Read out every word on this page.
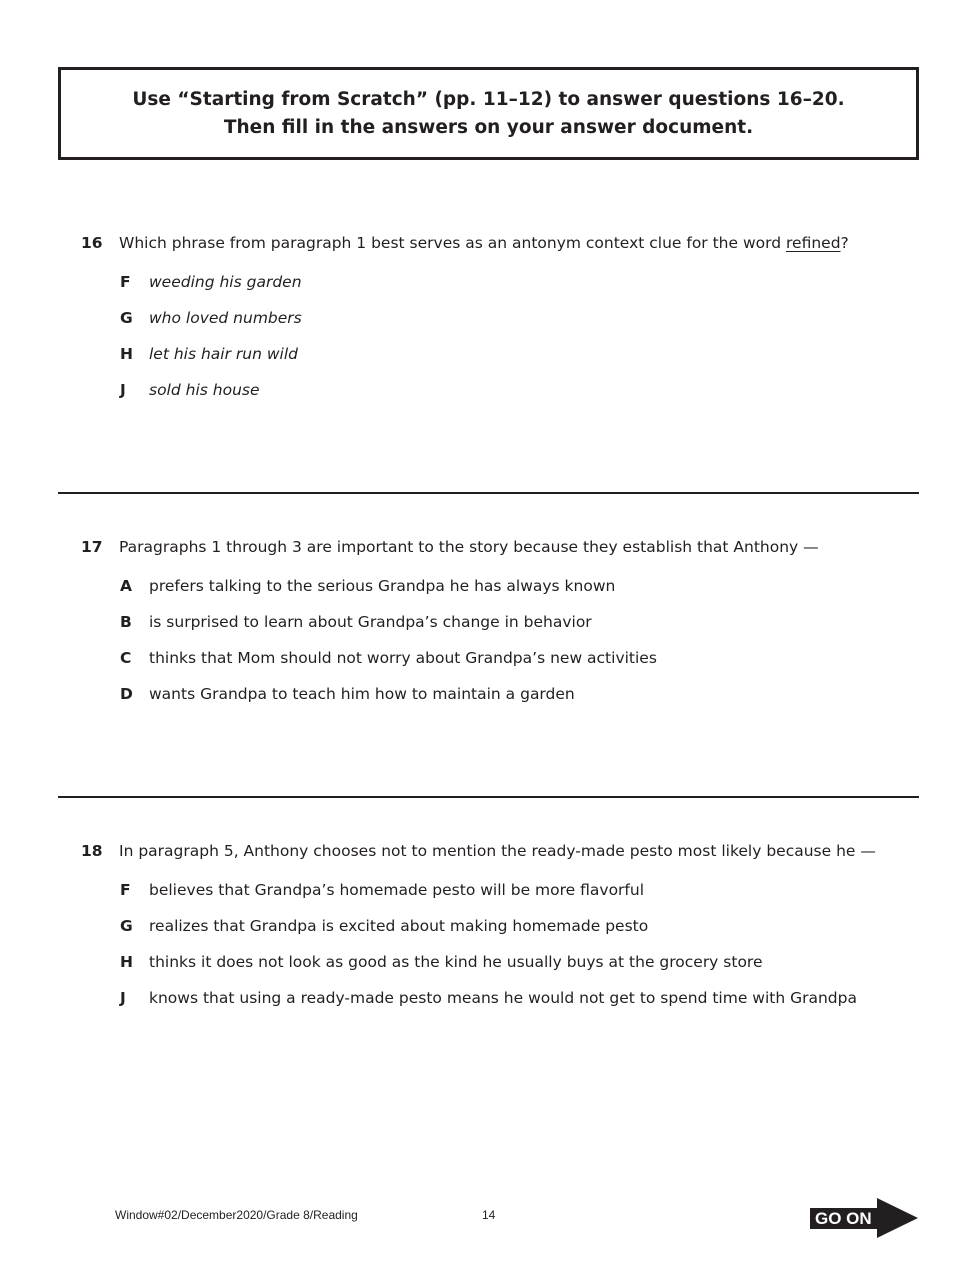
Use “Starting from Scratch” (pp. 11–12) to answer questions 16–20.
Then fill in the answers on your answer document.
16	Which phrase from paragraph 1 best serves as an antonym context clue for the word refined?
F	weeding his garden
G	who loved numbers
H	let his hair run wild
J	sold his house
17	Paragraphs 1 through 3 are important to the story because they establish that Anthony —
A	prefers talking to the serious Grandpa he has always known
B	is surprised to learn about Grandpa’s change in behavior
C	thinks that Mom should not worry about Grandpa’s new activities
D	wants Grandpa to teach him how to maintain a garden
18	In paragraph 5, Anthony chooses not to mention the ready-made pesto most likely because he —
F	believes that Grandpa’s homemade pesto will be more flavorful
G	realizes that Grandpa is excited about making homemade pesto
H	thinks it does not look as good as the kind he usually buys at the grocery store
J	knows that using a ready-made pesto means he would not get to spend time with Grandpa
Window#02/December2020/Grade 8/Reading	14	GO ON
